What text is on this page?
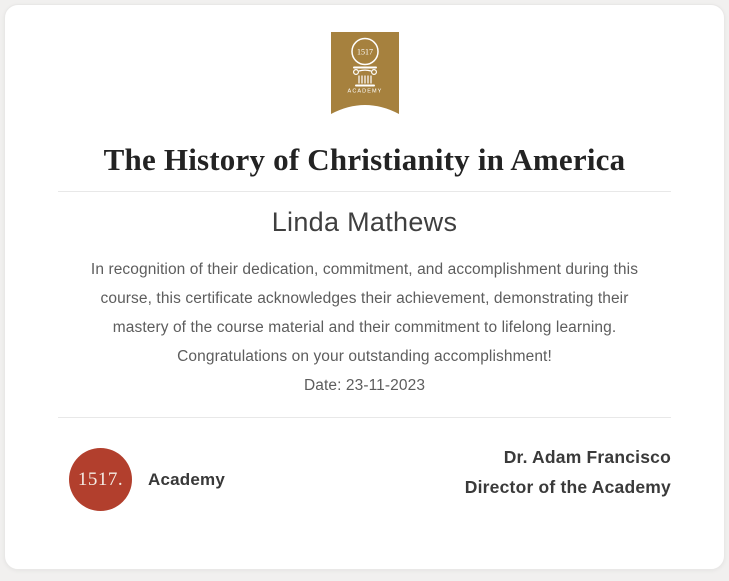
1517
ACADEMY
The History of Christianity in America
Linda Mathews
In recognition of their dedication, commitment, and accomplishment during this
course, this certificate acknowledges their achievement, demonstrating their
mastery of the course material and their commitment to lifelong learning.
Congratulations on your outstanding accomplishment!
Date: 23-11-2023
1517. Academy
Dr. Adam Francisco
Director of the Academy
